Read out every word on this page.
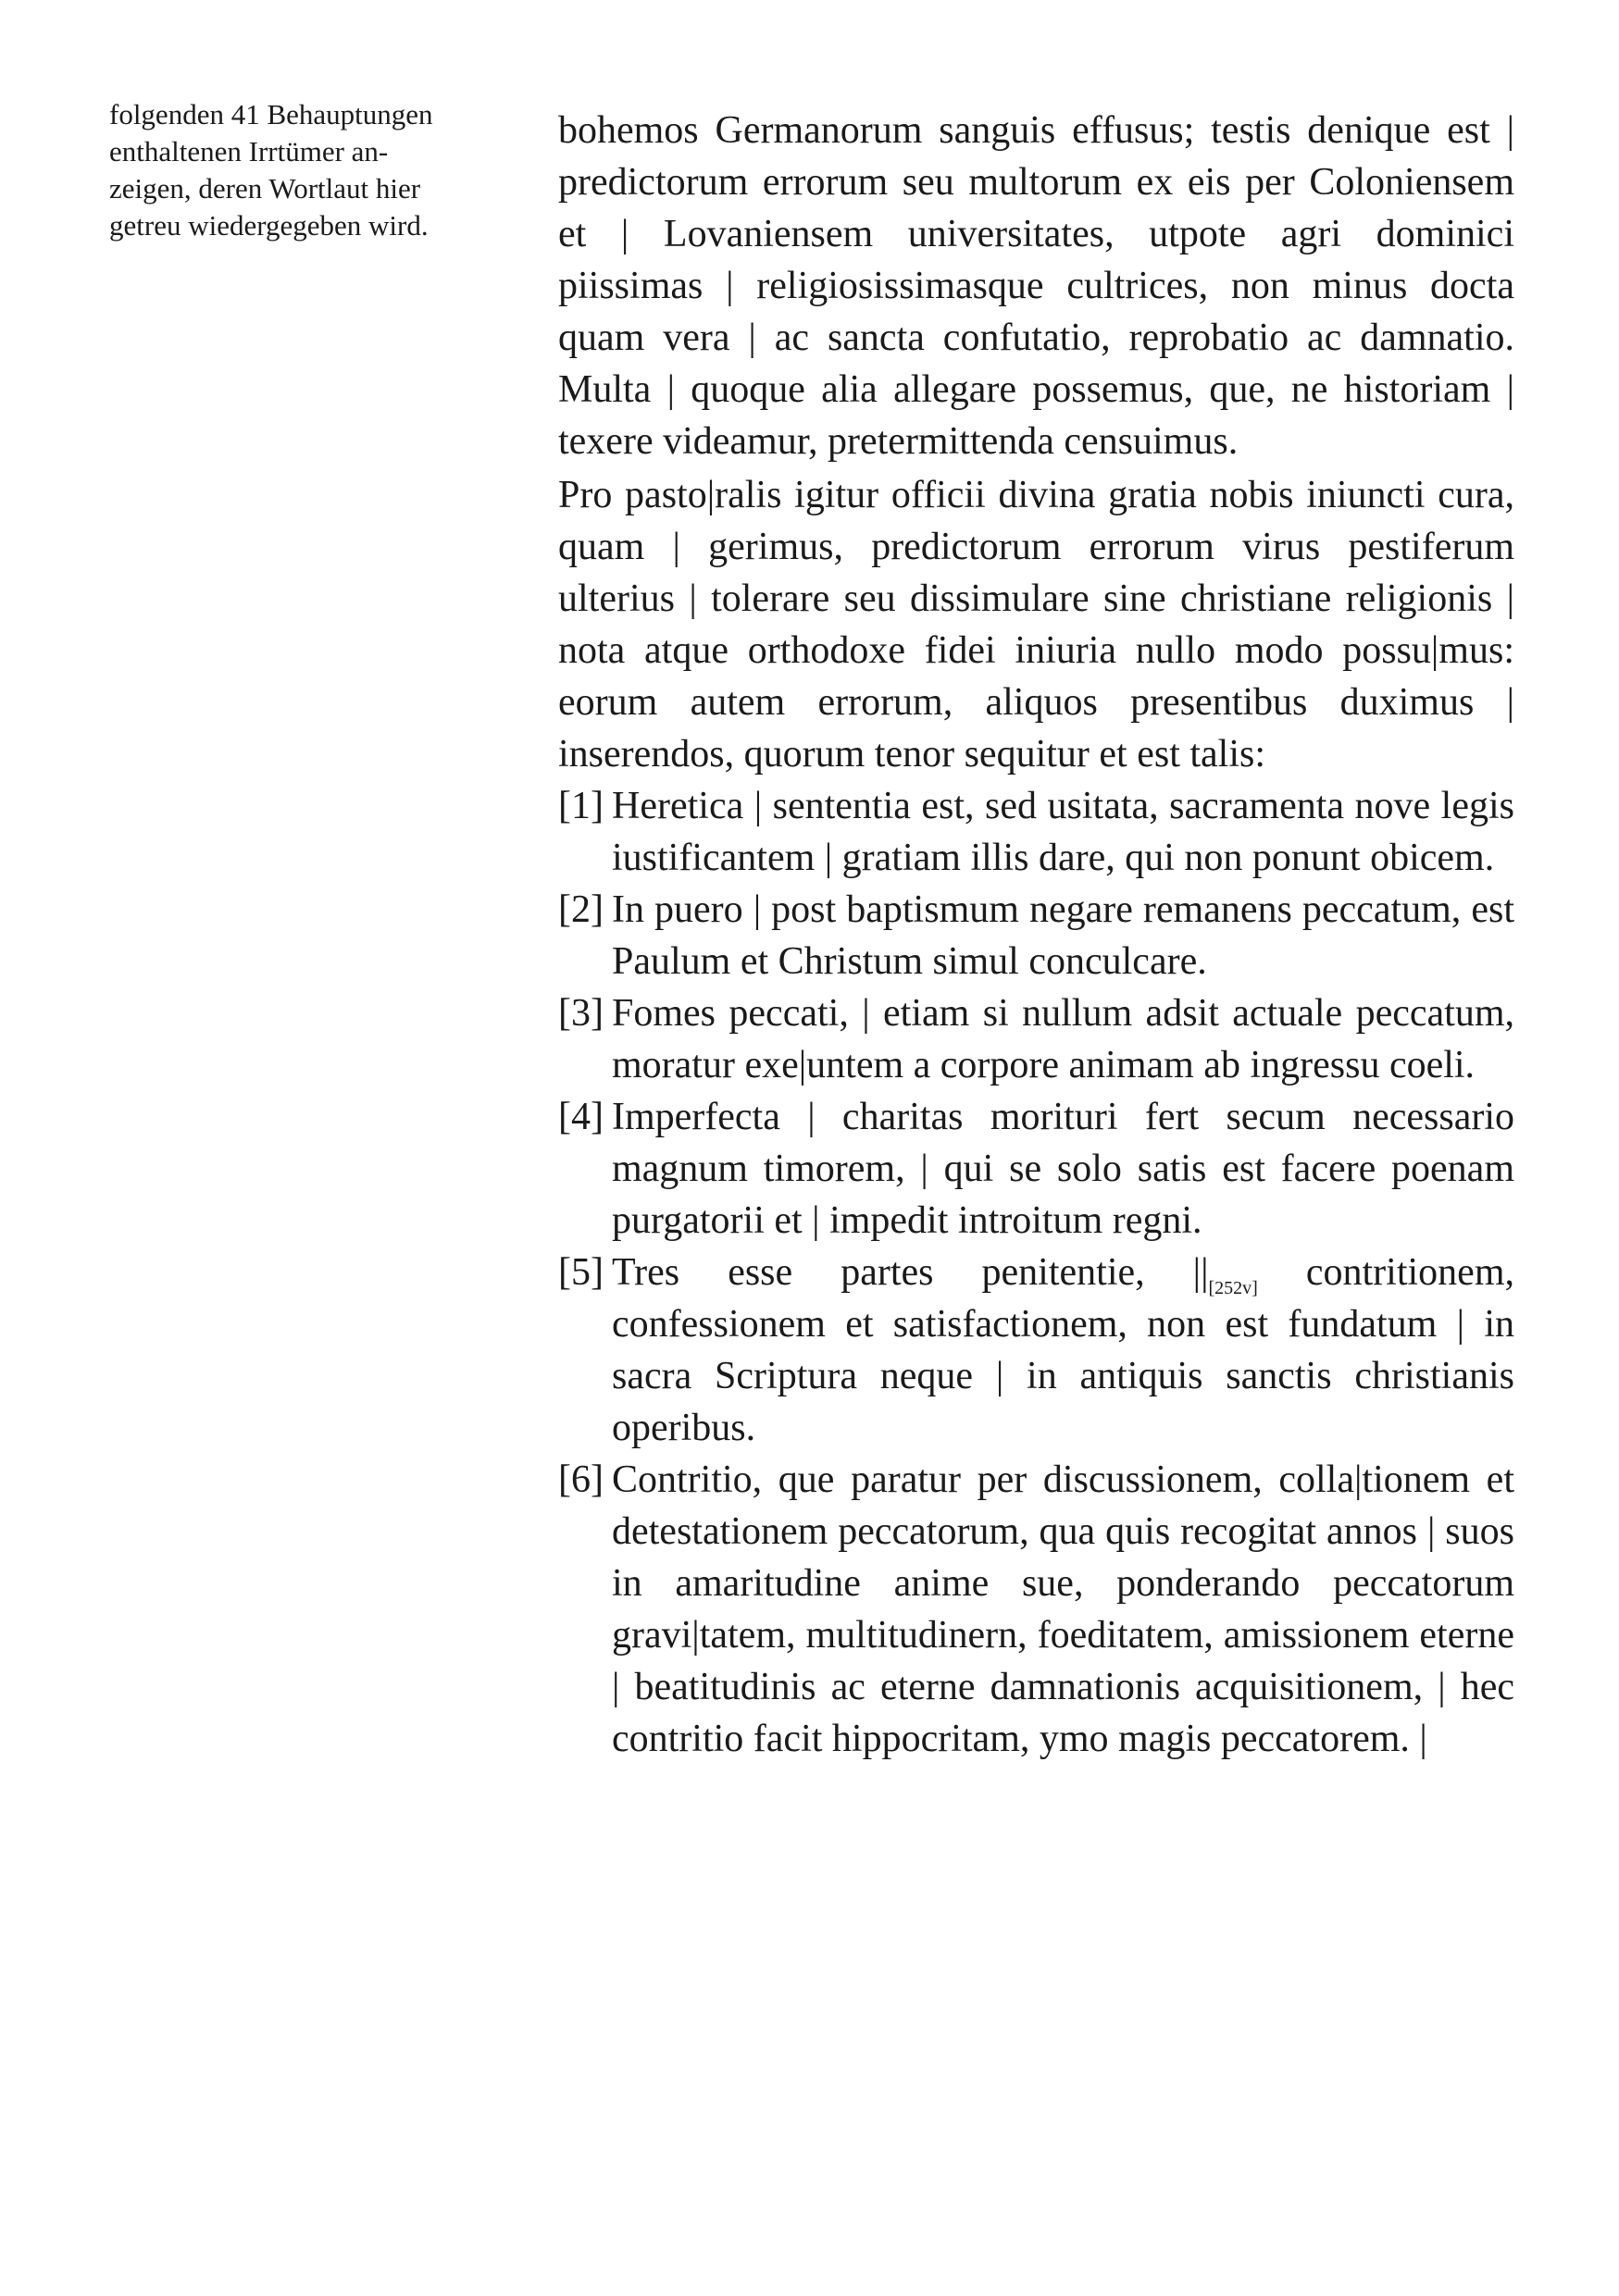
folgenden 41 Behauptungen
enthaltenen Irrtümer an-
zeigen, deren Wortlaut hier
getreu wiedergegeben wird.

bohemos Germanorum sanguis effusus; testis denique est | predictorum errorum seu multorum ex eis per Coloniensem et | Lovaniensem universitates, utpote agri dominici piissimas | religiosissimasque cultrices, non minus docta quam vera | ac sancta confutatio, reprobatio ac damnatio. Multa | quoque alia allegare possemus, que, ne historiam | texere videamur, pretermittenda censuimus.

Pro pasto|ralis igitur officii divina gratia nobis iniuncti cura, quam | gerimus, predictorum errorum virus pestiferum ulterius | tolerare seu dissimulare sine christiane religionis | nota atque orthodoxe fidei iniuria nullo modo possu|mus: eorum autem errorum, aliquos presentibus duximus | inserendos, quorum tenor sequitur et est talis:

[1] Heretica | sententia est, sed usitata, sacramenta nove legis iustificantem | gratiam illis dare, qui non ponunt obicem.
[2] In puero | post baptismum negare remanens peccatum, est Paulum et Christum simul conculcare.
[3] Fomes peccati, | etiam si nullum adsit actuale peccatum, moratur exe|untem a corpore animam ab ingressu coeli.
[4] Imperfecta | charitas morituri fert secum necessario magnum timorem, | qui se solo satis est facere poenam purgatorii et | impedit introitum regni.
[5] Tres esse partes penitentie, $||_{[252v]}$ contritionem, confessionem et satisfactionem, non est fundatum | in sacra Scriptura neque | in antiquis sanctis christianis operibus.
[6] Contritio, que paratur per discussionem, colla|tionem et detestationem peccatorum, qua quis recogitat annos | suos in amaritudine anime sue, ponderando peccatorum gravi|tatem, multitudinern, foeditatem, amissionem eterne | beatitudinis ac eterne damnationis acquisitionem, | hec contritio facit hippocritam, ymo magis peccatorem. |
